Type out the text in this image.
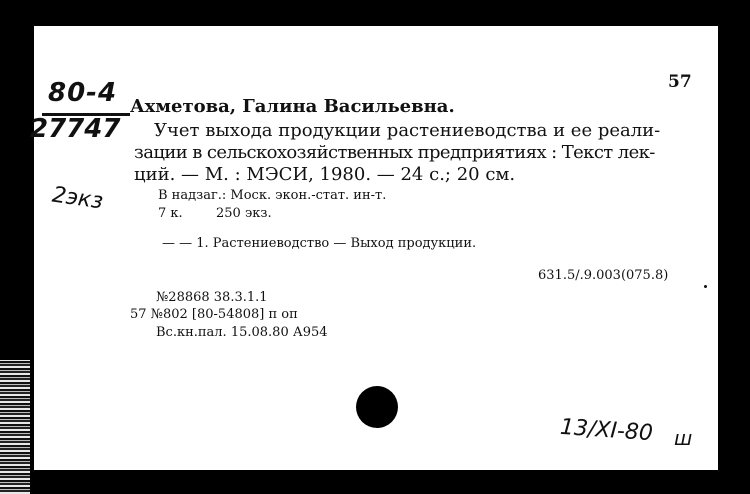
57
80-4
27747
2экз
Ахметова, Галина Васильевна.
Учет выхода продукции растениеводства и ее реали-
зации в сельскохозяйственных предприятиях : Текст лек-
ций. — М. : МЭСИ, 1980. — 24 с.; 20 см.
В надзаг.: Моск. экон.-стат. ин-т.
7 к.	250 экз.
— — 1. Растениеводство — Выход продукции.
631.5/.9.003(075.8)
№28868 38.3.1.1
57 №802 [80-54808] п оп
Вс.кн.пал. 15.08.80 А954
13/XI-80 ш
